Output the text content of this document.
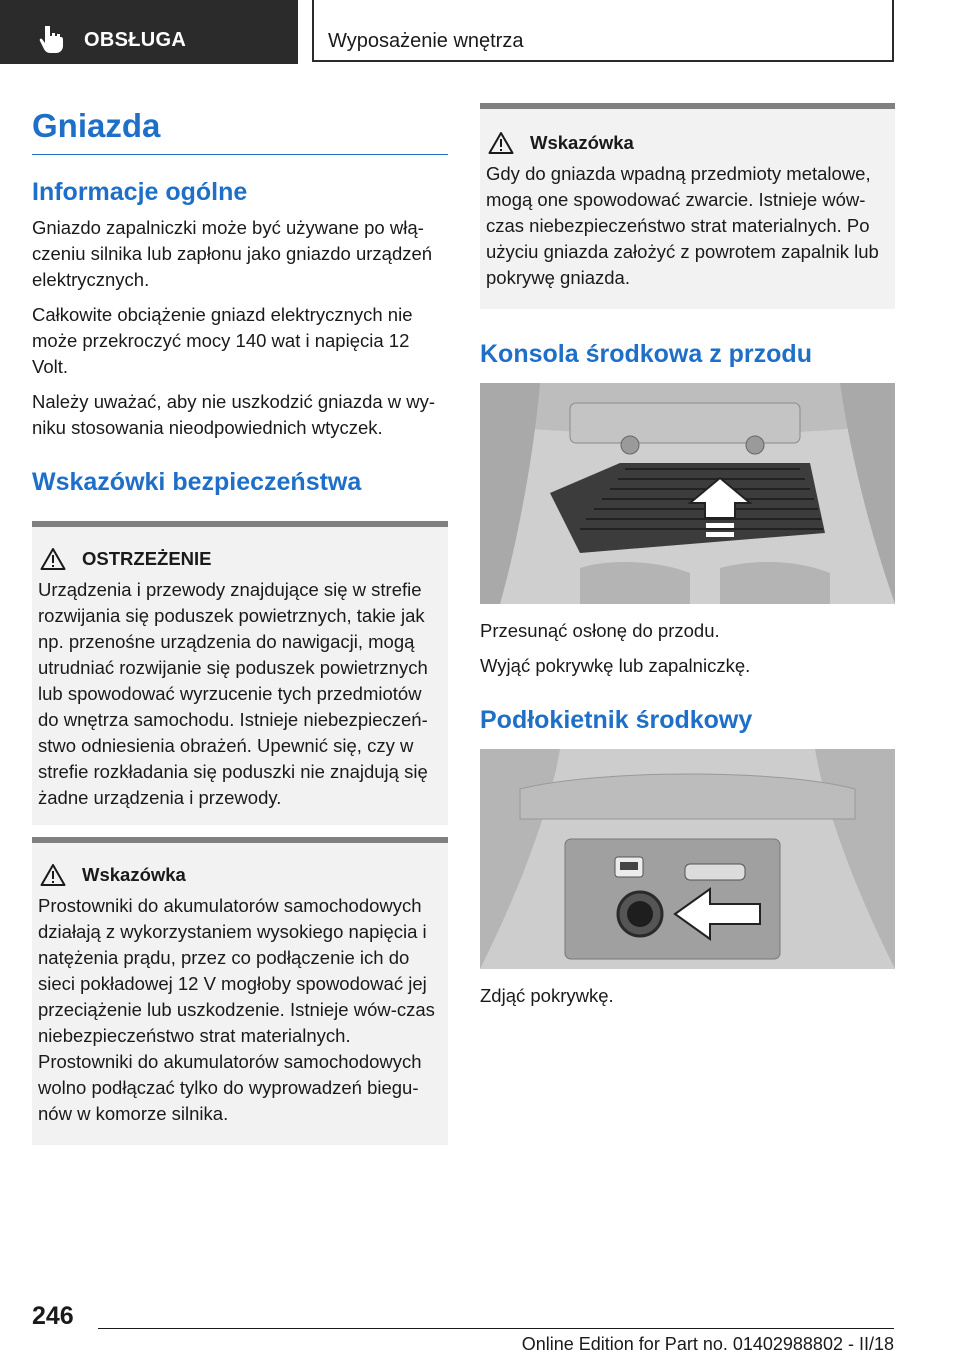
OBSŁUGA	Wyposażenie wnętrza
Gniazda
Informacje ogólne

Gniazdo zapalniczki może być używane po włą‐czeniu silnika lub zapłonu jako gniazdo urządzeń elektrycznych.

Całkowite obciążenie gniazd elektrycznych nie może przekroczyć mocy 140 wat i napięcia 12 Volt.

Należy uważać, aby nie uszkodzić gniazda w wy‐niku stosowania nieodpowiednich wtyczek.

Wskazówki bezpieczeństwa
OSTRZEŻENIE
Urządzenia i przewody znajdujące się w strefie rozwijania się poduszek powietrznych, takie jak np. przenośne urządzenia do nawigacji, mogą utrudniać rozwijanie się poduszek powietrznych lub spowodować wyrzucenie tych przedmiotów do wnętrza samochodu. Istnieje niebezpieczeń‐stwo odniesienia obrażeń. Upewnić się, czy w strefie rozkładania się poduszki nie znajdują się żadne urządzenia i przewody.
Wskazówka
Prostowniki do akumulatorów samochodowych działają z wykorzystaniem wysokiego napięcia i natężenia prądu, przez co podłączenie ich do sieci pokładowej 12 V mogłoby spowodować jej przeciążenie lub uszkodzenie. Istnieje wów‐czas niebezpieczeństwo strat materialnych. Prostowniki do akumulatorów samochodowych wolno podłączać tylko do wyprowadzeń biegu‐nów w komorze silnika.
Wskazówka
Gdy do gniazda wpadną przedmioty metalowe, mogą one spowodować zwarcie. Istnieje wów‐czas niebezpieczeństwo strat materialnych. Po użyciu gniazda założyć z powrotem zapalnik lub pokrywę gniazda.
Konsola środkowa z przodu

Przesunąć osłonę do przodu.

Wyjąć pokrywkę lub zapalniczkę.

Podłokietnik środkowy

Zdjąć pokrywkę.

246
Online Edition for Part no. 01402988802 - II/18
